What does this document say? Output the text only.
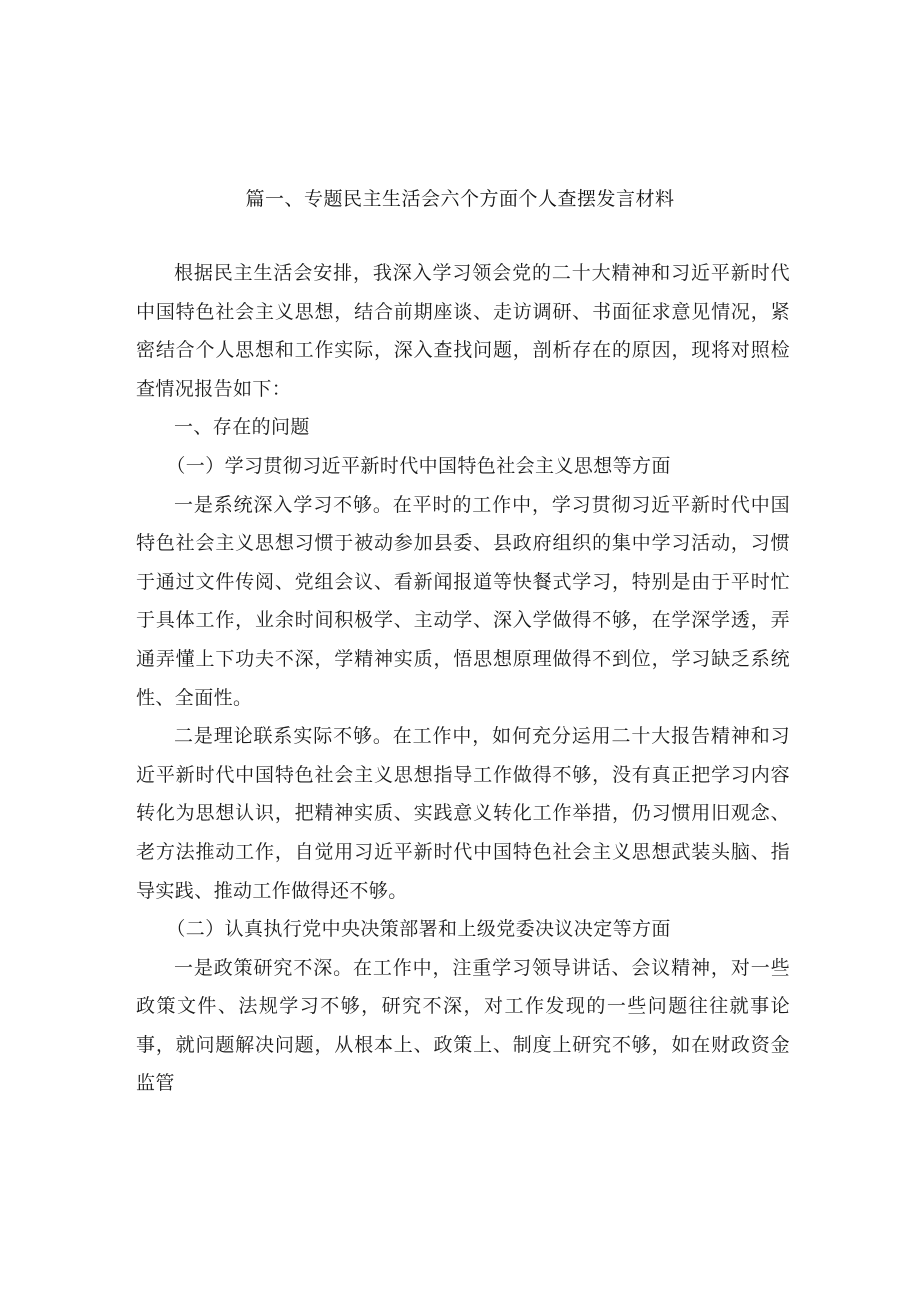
篇一、专题民主生活会六个方面个人查摆发言材料

根据民主生活会安排，我深入学习领会党的二十大精神和习近平新时代中国特色社会主义思想，结合前期座谈、走访调研、书面征求意见情况，紧密结合个人思想和工作实际，深入查找问题，剖析存在的原因，现将对照检查情况报告如下：

一、存在的问题

（一）学习贯彻习近平新时代中国特色社会主义思想等方面

一是系统深入学习不够。在平时的工作中，学习贯彻习近平新时代中国特色社会主义思想习惯于被动参加县委、县政府组织的集中学习活动，习惯于通过文件传阅、党组会议、看新闻报道等快餐式学习，特别是由于平时忙于具体工作，业余时间积极学、主动学、深入学做得不够，在学深学透，弄通弄懂上下功夫不深，学精神实质，悟思想原理做得不到位，学习缺乏系统性、全面性。

二是理论联系实际不够。在工作中，如何充分运用二十大报告精神和习近平新时代中国特色社会主义思想指导工作做得不够，没有真正把学习内容转化为思想认识，把精神实质、实践意义转化工作举措，仍习惯用旧观念、老方法推动工作，自觉用习近平新时代中国特色社会主义思想武装头脑、指导实践、推动工作做得还不够。

（二）认真执行党中央决策部署和上级党委决议决定等方面

一是政策研究不深。在工作中，注重学习领导讲话、会议精神，对一些政策文件、法规学习不够，研究不深，对工作发现的一些问题往往就事论事，就问题解决问题，从根本上、政策上、制度上研究不够，如在财政资金监管
